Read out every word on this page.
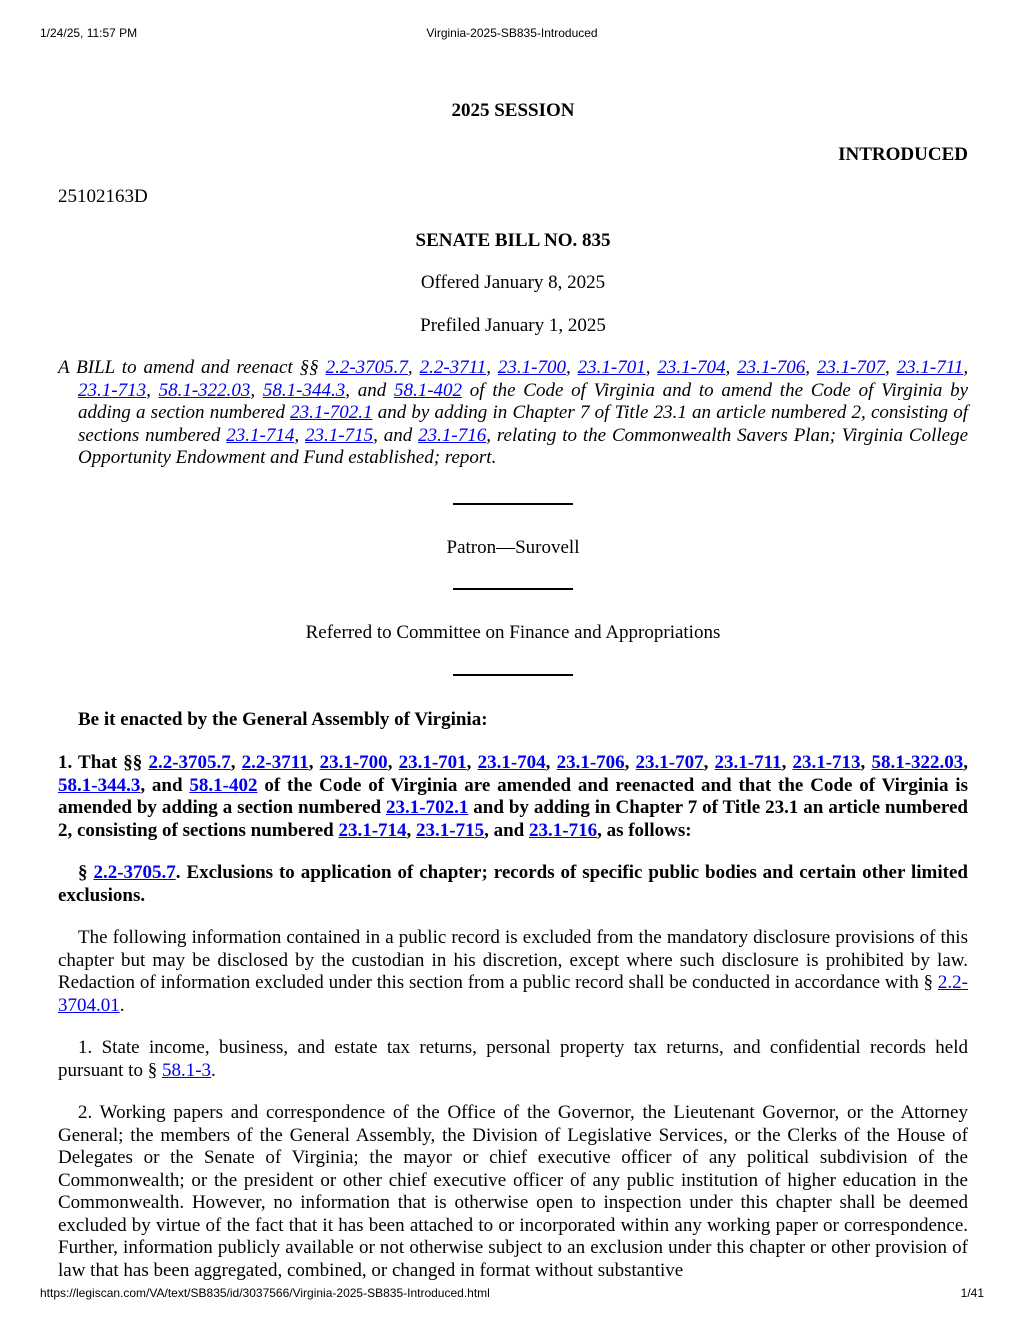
1/24/25, 11:57 PM	Virginia-2025-SB835-Introduced
2025 SESSION
INTRODUCED
25102163D
SENATE BILL NO. 835
Offered January 8, 2025
Prefiled January 1, 2025
A BILL to amend and reenact §§ 2.2-3705.7, 2.2-3711, 23.1-700, 23.1-701, 23.1-704, 23.1-706, 23.1-707, 23.1-711, 23.1-713, 58.1-322.03, 58.1-344.3, and 58.1-402 of the Code of Virginia and to amend the Code of Virginia by adding a section numbered 23.1-702.1 and by adding in Chapter 7 of Title 23.1 an article numbered 2, consisting of sections numbered 23.1-714, 23.1-715, and 23.1-716, relating to the Commonwealth Savers Plan; Virginia College Opportunity Endowment and Fund established; report.
Patron—Surovell
Referred to Committee on Finance and Appropriations
Be it enacted by the General Assembly of Virginia:
1. That §§ 2.2-3705.7, 2.2-3711, 23.1-700, 23.1-701, 23.1-704, 23.1-706, 23.1-707, 23.1-711, 23.1-713, 58.1-322.03, 58.1-344.3, and 58.1-402 of the Code of Virginia are amended and reenacted and that the Code of Virginia is amended by adding a section numbered 23.1-702.1 and by adding in Chapter 7 of Title 23.1 an article numbered 2, consisting of sections numbered 23.1-714, 23.1-715, and 23.1-716, as follows:
§ 2.2-3705.7. Exclusions to application of chapter; records of specific public bodies and certain other limited exclusions.
The following information contained in a public record is excluded from the mandatory disclosure provisions of this chapter but may be disclosed by the custodian in his discretion, except where such disclosure is prohibited by law. Redaction of information excluded under this section from a public record shall be conducted in accordance with § 2.2-3704.01.
1. State income, business, and estate tax returns, personal property tax returns, and confidential records held pursuant to § 58.1-3.
2. Working papers and correspondence of the Office of the Governor, the Lieutenant Governor, or the Attorney General; the members of the General Assembly, the Division of Legislative Services, or the Clerks of the House of Delegates or the Senate of Virginia; the mayor or chief executive officer of any political subdivision of the Commonwealth; or the president or other chief executive officer of any public institution of higher education in the Commonwealth. However, no information that is otherwise open to inspection under this chapter shall be deemed excluded by virtue of the fact that it has been attached to or incorporated within any working paper or correspondence. Further, information publicly available or not otherwise subject to an exclusion under this chapter or other provision of law that has been aggregated, combined, or changed in format without substantive
https://legiscan.com/VA/text/SB835/id/3037566/Virginia-2025-SB835-Introduced.html	1/41
